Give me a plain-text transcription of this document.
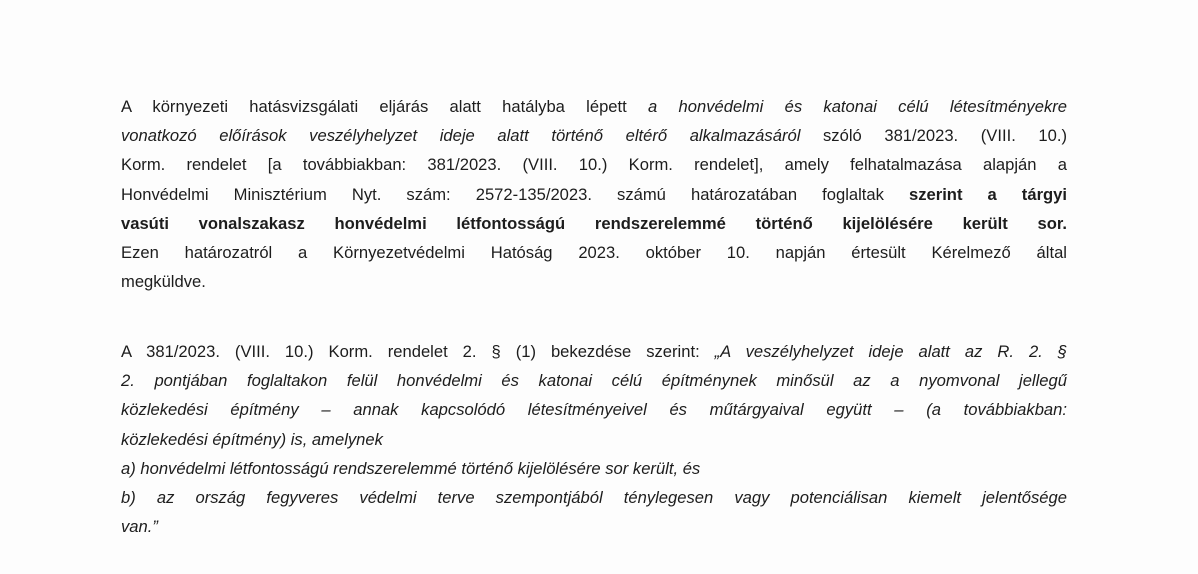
A környezeti hatásvizsgálati eljárás alatt hatályba lépett a honvédelmi és katonai célú létesítményekre
vonatkozó előírások veszélyhelyzet ideje alatt történő eltérő alkalmazásáról szóló 381/2023. (VIII. 10.)
Korm. rendelet [a továbbiakban: 381/2023. (VIII. 10.) Korm. rendelet], amely felhatalmazása alapján a
Honvédelmi Minisztérium Nyt. szám: 2572-135/2023. számú határozatában foglaltak szerint a tárgyi
vasúti vonalszakasz honvédelmi létfontosságú rendszerelemmé történő kijelölésére került sor.
Ezen határozatról a Környezetvédelmi Hatóság 2023. október 10. napján értesült Kérelmező által
megküldve.
A 381/2023. (VIII. 10.) Korm. rendelet 2. § (1) bekezdése szerint: „A veszélyhelyzet ideje alatt az R. 2. §
2. pontjában foglaltakon felül honvédelmi és katonai célú építménynek minősül az a nyomvonal jellegű
közlekedési építmény – annak kapcsolódó létesítményeivel és műtárgyaival együtt – (a továbbiakban:
közlekedési építmény) is, amelynek
a) honvédelmi létfontosságú rendszerelemmé történő kijelölésére sor került, és
b) az ország fegyveres védelmi terve szempontjából ténylegesen vagy potenciálisan kiemelt jelentősége
van.”
